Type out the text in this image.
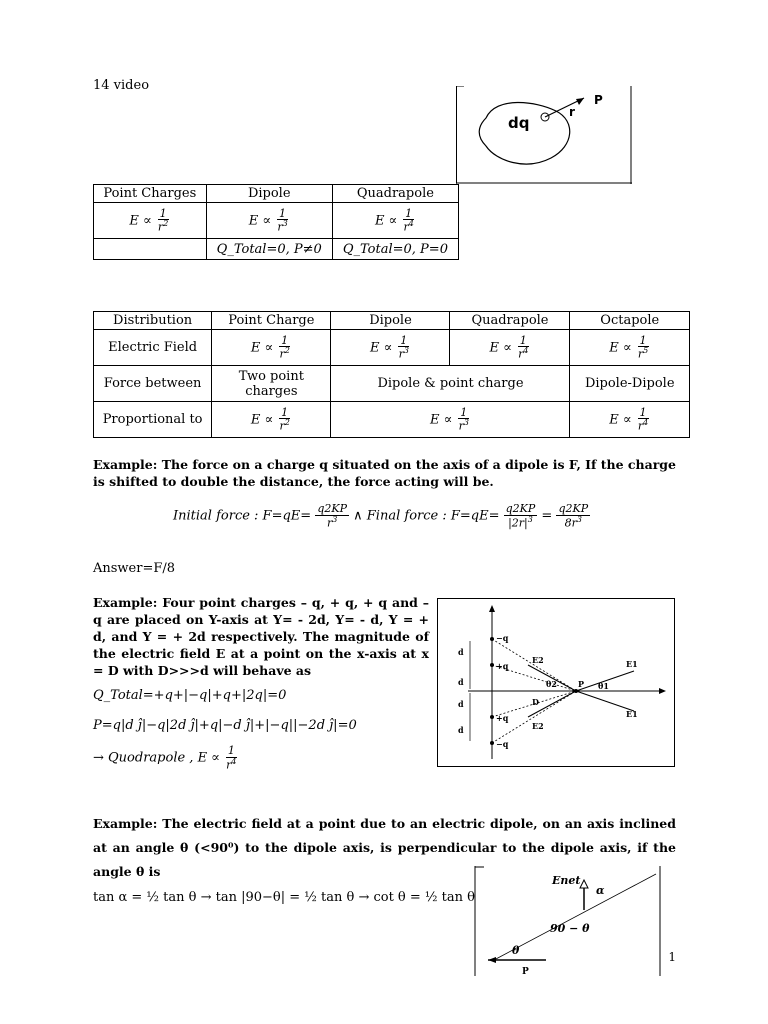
14 video
dq
r
P
Point Charges	Dipole	Quadrapole
$E \propto \frac{1}{r^2}$	$E \propto \frac{1}{r^3}$	$E \propto \frac{1}{r^4}$

	Q_Total=0, P≠0	Q_Total=0, P=0
Distribution	Point Charge	Dipole	Quadrapole	Octapole
Electric Field	$E \propto \frac{1}{r^2}$	$E \propto \frac{1}{r^3}$	$E \propto \frac{1}{r^4}$	$E \propto \frac{1}{r^5}$

Force between	Two point charges	Dipole & point charge		Dipole-Dipole
Proportional to	$E \propto \frac{1}{r^2}$	$E \propto \frac{1}{r^3}$		$E \propto \frac{1}{r^4}$
Example: The force on a charge q situated on the axis of a dipole is F, If the charge is shifted to double the distance, the force acting will be.
Initial force : $F=qE= \frac{q2KP}{r^3}$ ∧ Final force : $F=qE= \frac{q2KP}{|2r|^3} = \frac{q2KP}{8r^3}$
Answer=F/8
Example: Four point charges – q, + q, + q and – q are placed on Y-axis at Y= - 2d, Y= - d, Y = + d, and Y = + 2d respectively. The magnitude of the electric field E at a point on the x-axis at x = D with D>>>d will behave as
Q_Total=+q+|−q|+q+|2q|=0
P=q|d ĵ|−q|2d ĵ|+q|−d ĵ|+|−q||−2d ĵ|=0
→ Quodrapole , $E \propto \frac{1}{r^4}$
−q
+q
+q
−q
d
d
d
d
P
E1
E1
E2
E2
θ1
θ2
D
Example: The electric field at a point due to an electric dipole, on an axis inclined at an angle θ (<90⁰) to the dipole axis, is perpendicular to the dipole axis, if the angle θ is
tan α = ½ tan θ → tan |90−θ| = ½ tan θ → cot θ = ½ tan θ
Enet
α
90 − θ
θ
P
1
